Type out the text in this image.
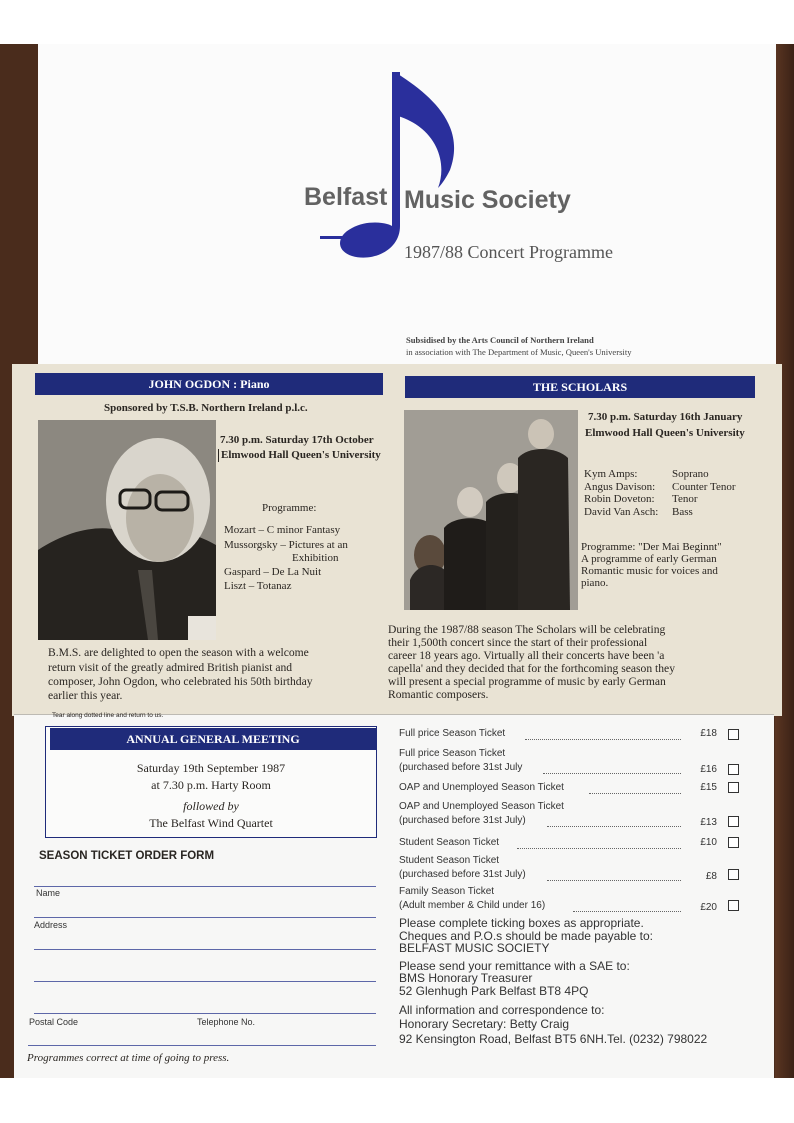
Belfast Music Society
1987/88 Concert Programme
Subsidised by the Arts Council of Northern Ireland
in association with The Department of Music, Queen's University
JOHN OGDON : Piano
Sponsored by T.S.B. Northern Ireland p.l.c.
7.30 p.m. Saturday 17th October
Elmwood Hall Queen's University
Programme:
Mozart – C minor Fantasy
Mussorgsky – Pictures at an
Exhibition
Gaspard – De La Nuit
Liszt – Totanaz
B.M.S. are delighted to open the season with a welcome
return visit of the greatly admired British pianist and
composer, John Ogdon, who celebrated his 50th birthday
earlier this year.
THE SCHOLARS
7.30 p.m. Saturday 16th January
Elmwood Hall Queen's University
Kym Amps:	Soprano
Angus Davison: Counter Tenor
Robin Doveton: Tenor
David Van Asch: Bass
Programme: "Der Mai Beginnt"
A programme of early German
Romantic music for voices and
piano.
During the 1987/88 season The Scholars will be celebrating
their 1,500th concert since the start of their professional
career 18 years ago. Virtually all their concerts have been 'a
capella' and they decided that for the forthcoming season they
will present a special programme of music by early German
Romantic composers.
Tear along dotted line and return to us.
ANNUAL GENERAL MEETING
Saturday 19th September 1987
at 7.30 p.m. Harty Room
followed by
The Belfast Wind Quartet
SEASON TICKET ORDER FORM
Name
Address
Postal Code	Telephone No.
Programmes correct at time of going to press.
Full price Season Ticket	£18
Full price Season Ticket
(purchased before 31st July	£16
OAP and Unemployed Season Ticket	£15
OAP and Unemployed Season Ticket
(purchased before 31st July)	£13
Student Season Ticket	£10
Student Season Ticket
(purchased before 31st July)	£8
Family Season Ticket
(Adult member & Child under 16)	£20
Please complete ticking boxes as appropriate.
Cheques and P.O.s should be made payable to:
BELFAST MUSIC SOCIETY
Please send your remittance with a SAE to:
BMS Honorary Treasurer
52 Glenhugh Park Belfast BT8 4PQ
All information and correspondence to:
Honorary Secretary: Betty Craig
92 Kensington Road, Belfast BT5 6NH.Tel. (0232) 798022
